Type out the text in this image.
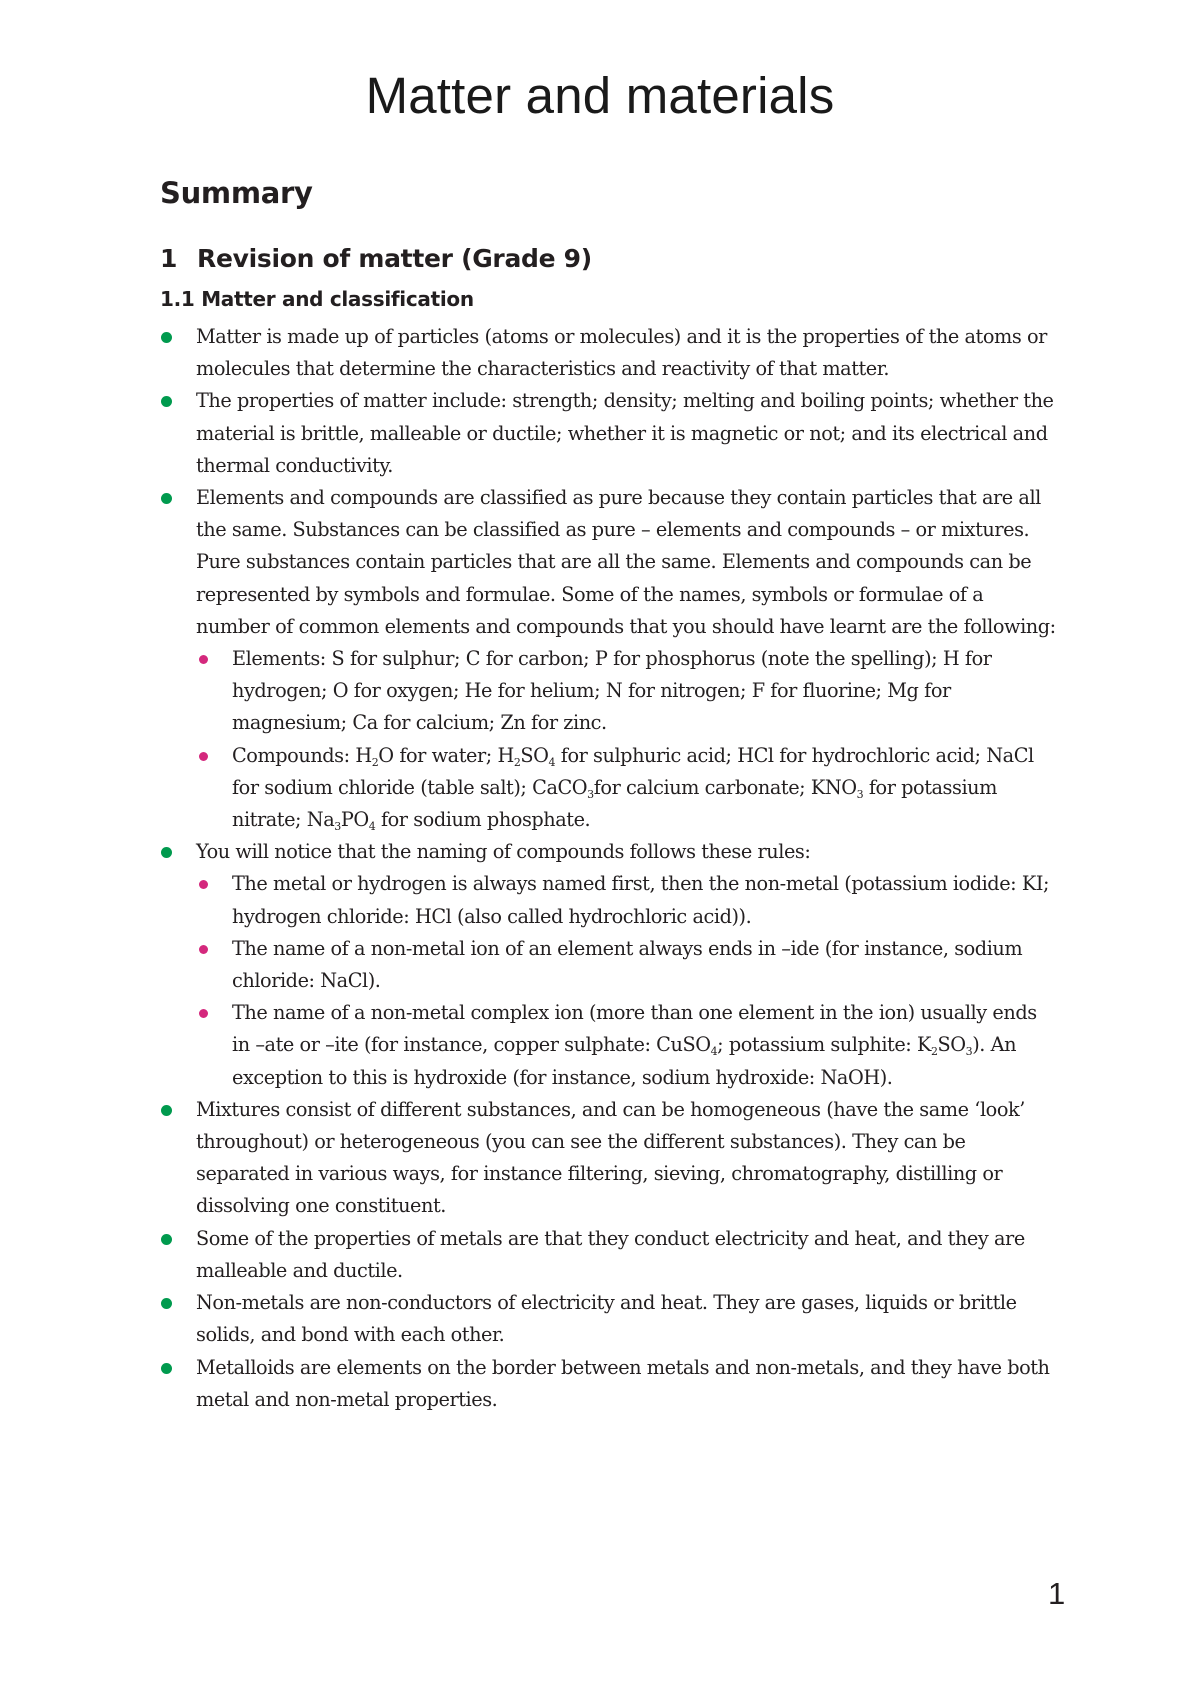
Matter and materials
Summary
1 Revision of matter (Grade 9)
1.1 Matter and classification
Matter is made up of particles (atoms or molecules) and it is the properties of the atoms or molecules that determine the characteristics and reactivity of that matter.
The properties of matter include: strength; density; melting and boiling points; whether the material is brittle, malleable or ductile; whether it is magnetic or not; and its electrical and thermal conductivity.
Elements and compounds are classified as pure because they contain particles that are all the same. Substances can be classified as pure – elements and compounds – or mixtures. Pure substances contain particles that are all the same. Elements and compounds can be represented by symbols and formulae. Some of the names, symbols or formulae of a number of common elements and compounds that you should have learnt are the following:
Elements: S for sulphur; C for carbon; P for phosphorus (note the spelling); H for hydrogen; O for oxygen; He for helium; N for nitrogen; F for fluorine; Mg for magnesium; Ca for calcium; Zn for zinc.
Compounds: $H_2O$ for water; $H_2SO_4$ for sulphuric acid; HCl for hydrochloric acid; NaCl for sodium chloride (table salt); CaCO$_3$for calcium carbonate; $KNO_3$ for potassium nitrate; $Na_3PO_4$ for sodium phosphate.
You will notice that the naming of compounds follows these rules:
The metal or hydrogen is always named first, then the non-metal (potassium iodide: KI; hydrogen chloride: HCl (also called hydrochloric acid)).
The name of a non-metal ion of an element always ends in –ide (for instance, sodium chloride: NaCl).
The name of a non-metal complex ion (more than one element in the ion) usually ends in –ate or –ite (for instance, copper sulphate: CuSO$_4$; potassium sulphite: $K_2SO_3$). An exception to this is hydroxide (for instance, sodium hydroxide: NaOH).
Mixtures consist of different substances, and can be homogeneous (have the same ‘look’ throughout) or heterogeneous (you can see the different substances). They can be separated in various ways, for instance filtering, sieving, chromatography, distilling or dissolving one constituent.
Some of the properties of metals are that they conduct electricity and heat, and they are malleable and ductile.
Non-metals are non-conductors of electricity and heat. They are gases, liquids or brittle solids, and bond with each other.
Metalloids are elements on the border between metals and non-metals, and they have both metal and non-metal properties.
1
